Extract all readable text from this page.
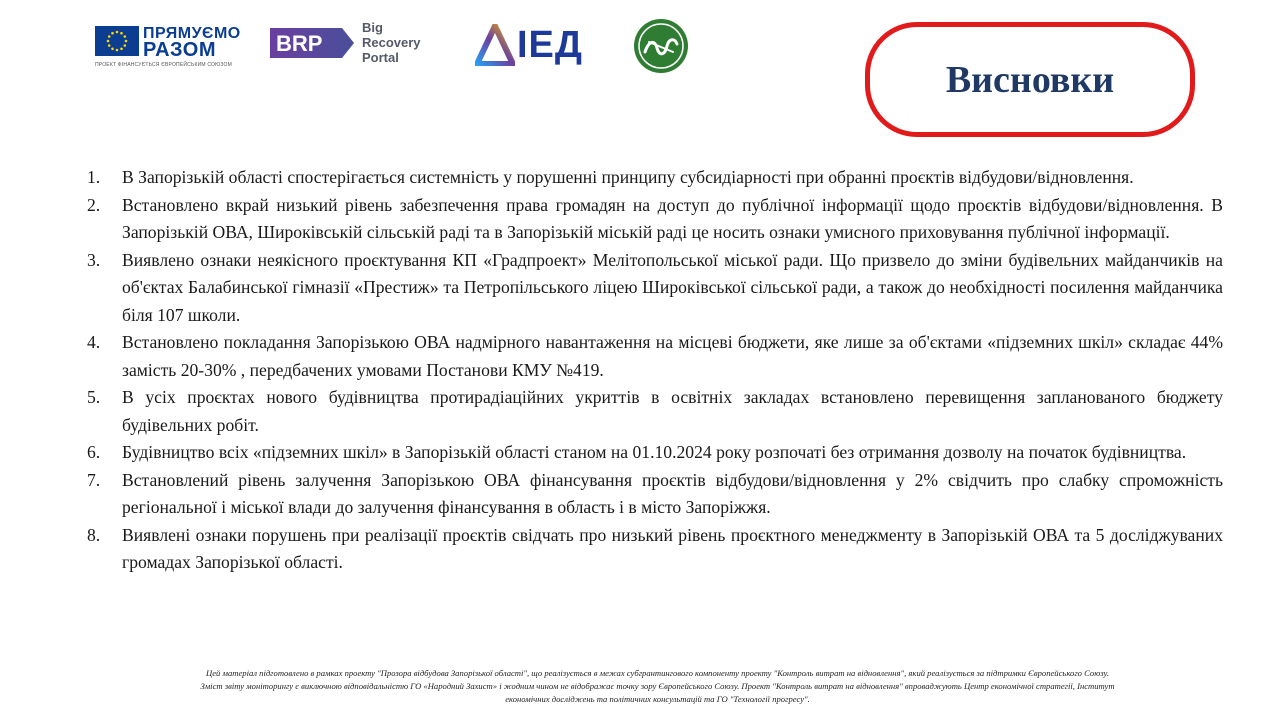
ПРЯМУЄМО
РАЗОМ
ПРОЕКТ ФІНАНСУЄТЬСЯ ЄВРОПЕЙСЬКИМ СОЮЗОМ
BRP
Big
Recovery
Portal	ІЕД
Висновки
1. В Запорізькій області спостерігається системність у порушенні принципу субсидіарності при обранні проєктів відбудови/відновлення.
2. Встановлено вкрай низький рівень забезпечення права громадян на доступ до публічної інформації щодо проєктів відбудови/відновлення. В Запорізькій ОВА, Широківській сільській раді та в Запорізькій міській раді це носить ознаки умисного приховування публічної інформації.
3. Виявлено ознаки неякісного проєктування КП «Градпроект» Мелітопольської міської ради. Що призвело до зміни будівельних майданчиків на об'єктах Балабинської гімназії «Престиж» та Петропільського ліцею Широківської сільської ради, а також до необхідності посилення майданчика біля 107 школи.
4. Встановлено покладання Запорізькою ОВА надмірного навантаження на місцеві бюджети, яке лише за об'єктами «підземних шкіл» складає 44% замість 20-30% , передбачених умовами Постанови КМУ №419.
5. В усіх проєктах нового будівництва протирадіаційних укриттів в освітніх закладах встановлено перевищення запланованого бюджету будівельних робіт.
6. Будівництво всіх «підземних шкіл» в Запорізькій області станом на 01.10.2024 року розпочаті без отримання дозволу на початок будівництва.
7. Встановлений рівень залучення Запорізькою ОВА фінансування проєктів відбудови/відновлення у 2% свідчить про слабку спроможність регіональної і міської влади до залучення фінансування в область і в місто Запоріжжя.
8. Виявлені ознаки порушень при реалізації проєктів свідчать про низький рівень проєктного менеджменту в Запорізькій ОВА та 5 досліджуваних громадах Запорізької області.
Цей матеріал підготовлено в рамках проекту "Прозора відбудова Запорізької області", що реалізується в межах субгрантингового компоненту проекту "Контроль витрат на відновлення", який реалізується за підтримки Європейського Союзу.
Зміст звіту моніторингу є виключною відповідальністю ГО «Народний Захист» і жодним чином не відображає точку зору Європейського Союзу. Проект "Контроль витрат на відновлення" впроваджують Центр економічної стратегії, Інститут
економічних досліджень та політичних консультацій та ГО "Технології прогресу".
